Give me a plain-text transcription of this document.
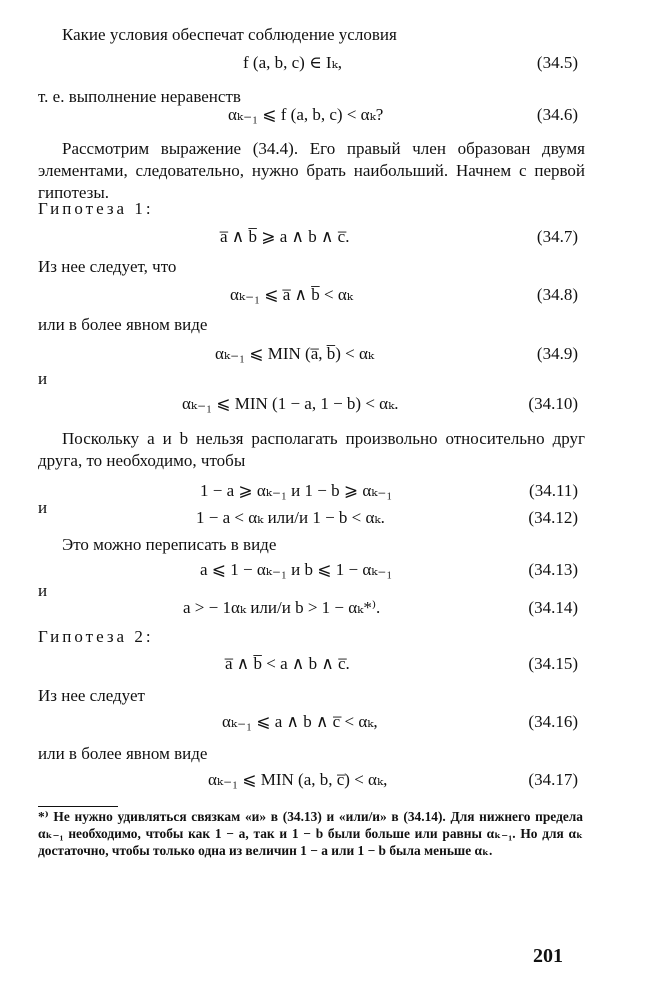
Какие условия обеспечат соблюдение условия
f (a, b, c) ∈ Iₖ,	(34.5)
т. е. выполнение неравенств
αₖ₋₁ ⩽ f (a, b, c) < αₖ?	(34.6)
Рассмотрим выражение (34.4). Его правый член образован двумя элементами, следовательно, нужно брать наибольший. Начнем с первой гипотезы.
Гипотеза 1:
a̅ ∧ b̅ ⩾ a ∧ b ∧ c̅.	(34.7)
Из нее следует, что
αₖ₋₁ ⩽ a̅ ∧ b̅ < αₖ	(34.8)
или в более явном виде
αₖ₋₁ ⩽ MIN (a̅, b̅) < αₖ	(34.9)
и
αₖ₋₁ ⩽ MIN (1 − a, 1 − b) < αₖ.	(34.10)
Поскольку a и b нельзя располагать произвольно относительно друг друга, то необходимо, чтобы
1 − a ⩾ αₖ₋₁ и 1 − b ⩾ αₖ₋₁	(34.11)
и
1 − a < αₖ или/и 1 − b < αₖ.	(34.12)
Это можно переписать в виде
a ⩽ 1 − αₖ₋₁ и b ⩽ 1 − αₖ₋₁	(34.13)
и
a > − 1αₖ или/и b > 1 − αₖ*⁾.	(34.14)
Гипотеза 2:
a̅ ∧ b̅ < a ∧ b ∧ c̅.	(34.15)
Из нее следует
αₖ₋₁ ⩽ a ∧ b ∧ c̅ < αₖ,	(34.16)
или в более явном виде
αₖ₋₁ ⩽ MIN (a, b, c̅) < αₖ,	(34.17)
*⁾ Не нужно удивляться связкам «и» в (34.13) и «или/и» в (34.14). Для нижнего предела αₖ₋₁ необходимо, чтобы как 1 − a, так и 1 − b были больше или равны αₖ₋₁. Но для αₖ достаточно, чтобы только одна из величин 1 − a или 1 − b была меньше αₖ.
201
